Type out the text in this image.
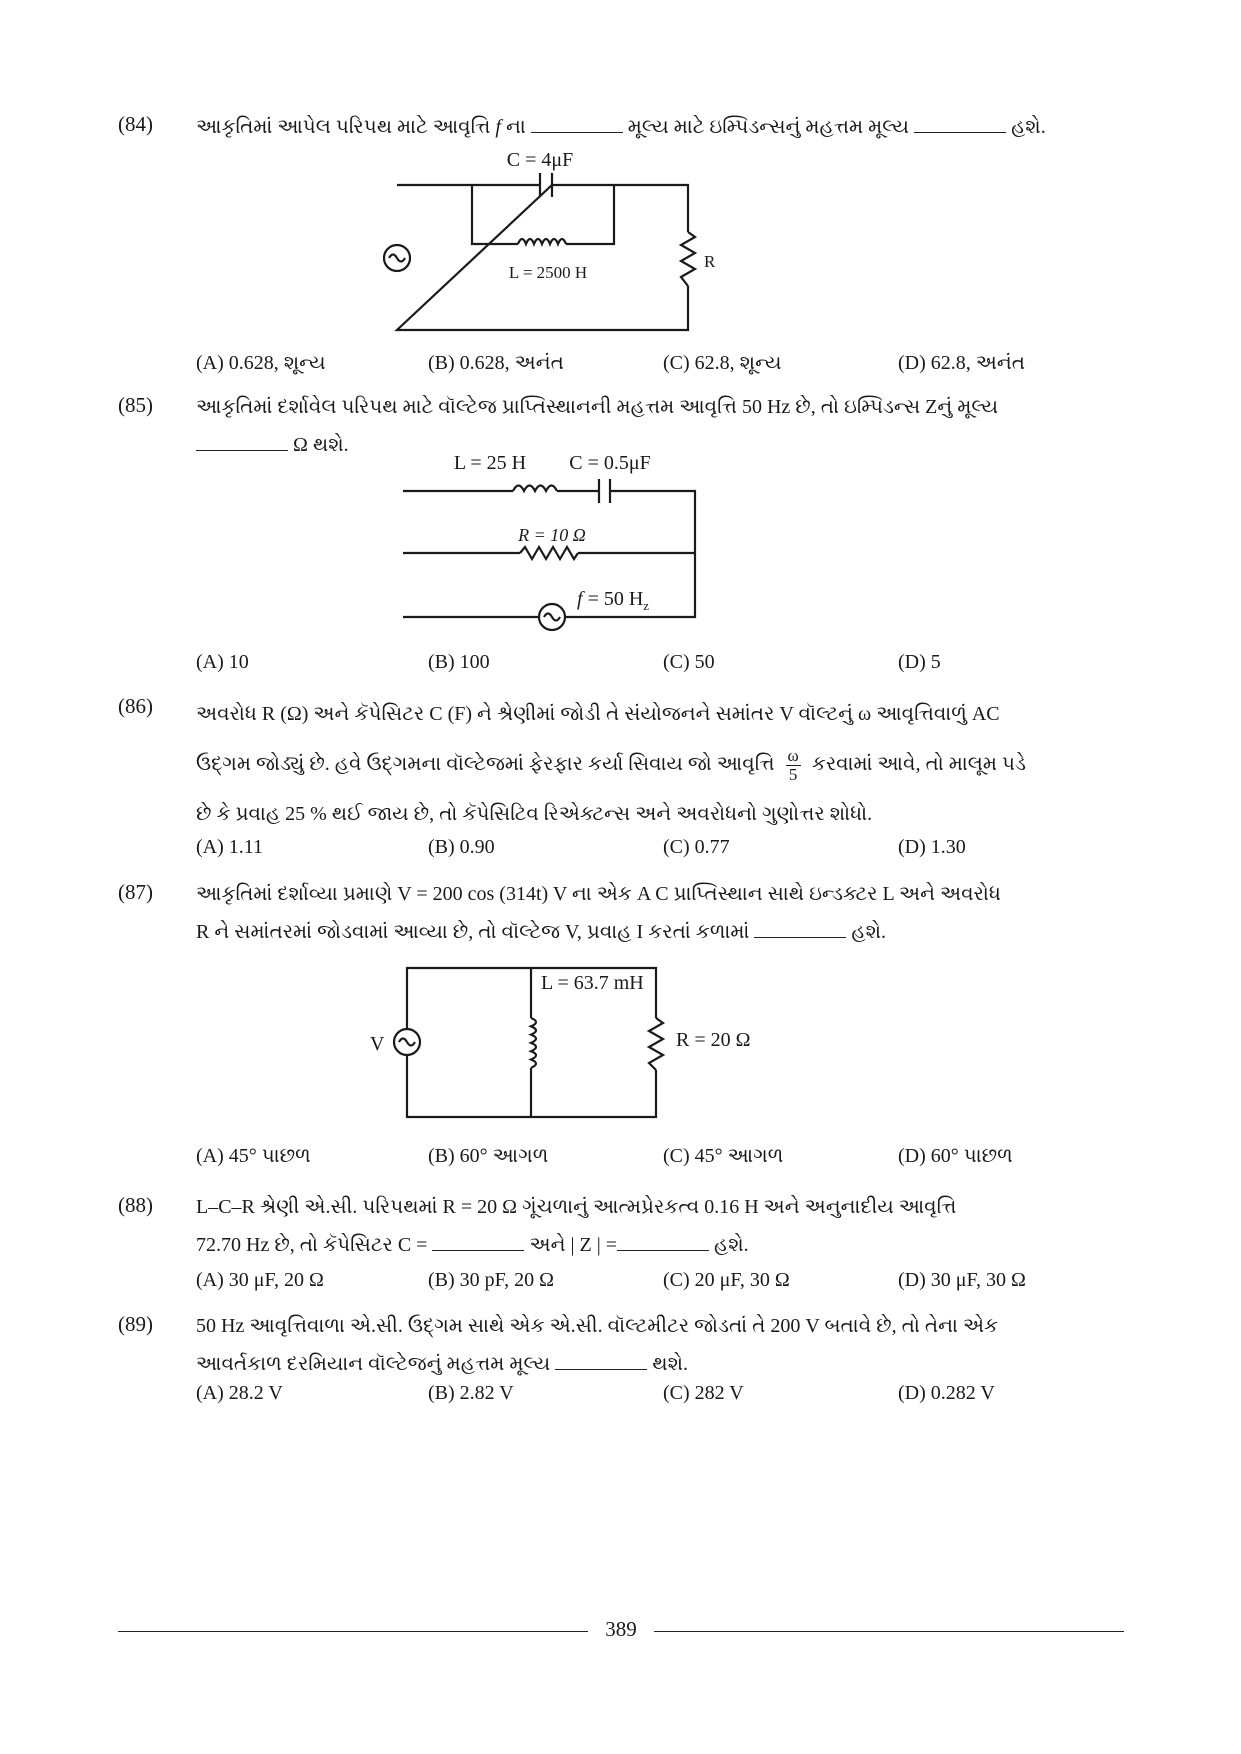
(84) આકૃતિમાં આપેલ પરિપથ માટે આવૃત્તિ f ના	મૂલ્ય માટે ઇમ્પિડન્સનું મહત્તમ મૂલ્ય	હશે.
C = 4μF
L = 2500 H
R
(A) 0.628, શૂન્ય	(B) 0.628, અનંત	(C) 62.8, શૂન્ય	(D) 62.8, અનંત
(85) આકૃતિમાં દર્શાવેલ પરિપથ માટે વૉલ્ટેજ પ્રાપ્તિસ્થાનની મહત્તમ આવૃત્તિ 50 Hz છે, તો ઇમ્પિડન્સ Zનું મૂલ્ય
Ω થશે.
L = 25 H C = 0.5μF
R = 10 Ω
f = 50 $H_z$
(A) 10	(B) 100	(C) 50	(D) 5
(86) અવરોધ R (Ω) અને કૅપેસિટર C (F) ને શ્રેણીમાં જોડી તે સંયોજનને સમાંતર V વૉલ્ટનું ω આવૃત્તિવાળું AC
ઉદ્‌ગમ જોડ્યું છે. હવે ઉદ્‌ગમના વૉલ્ટેજમાં ફેરફાર કર્યા સિવાય જો આવૃત્તિ $\frac{\omega}{5}$ કરવામાં આવે, તો માલૂમ પડે
છે કે પ્રવાહ 25 % થઈ જાય છે, તો કૅપેસિટિવ રિએક્ટન્સ અને અવરોધનો ગુણોત્તર શોધો.
(A) 1.11	(B) 0.90	(C) 0.77	(D) 1.30
(87) આકૃતિમાં દર્શાવ્યા પ્રમાણે V = 200 cos (314t) V ના એક A C પ્રાપ્તિસ્થાન સાથે ઇન્ડક્ટર L અને અવરોધ
R ને સમાંતરમાં જોડવામાં આવ્યા છે, તો વૉલ્ટેજ V, પ્રવાહ I કરતાં કળામાં	હશે.
V
L = 63.7 mH
R = 20 Ω
(A) 45° પાછળ	(B) 60° આગળ	(C) 45° આગળ	(D) 60° પાછળ
(88) L–C–R શ્રેણી એ.સી. પરિપથમાં R = 20 Ω ગૂંચળાનું આત્મપ્રેરકત્વ 0.16 H અને અનુનાદીય આવૃત્તિ
72.70 Hz છે, તો કૅપેસિટર C =	અને | Z | =	હશે.
(A) 30 μF, 20 Ω	(B) 30 pF, 20 Ω	(C) 20 μF, 30 Ω	(D) 30 μF, 30 Ω
(89) 50 Hz આવૃત્તિવાળા એ.સી. ઉદ્‌ગમ સાથે એક એ.સી. વૉલ્ટમીટર જોડતાં તે 200 V બતાવે છે, તો તેના એક
આવર્તકાળ દરમિયાન વૉલ્ટેજનું મહત્તમ મૂલ્ય	થશે.
(A) 28.2 V	(B) 2.82 V	(C) 282 V	(D) 0.282 V
389
